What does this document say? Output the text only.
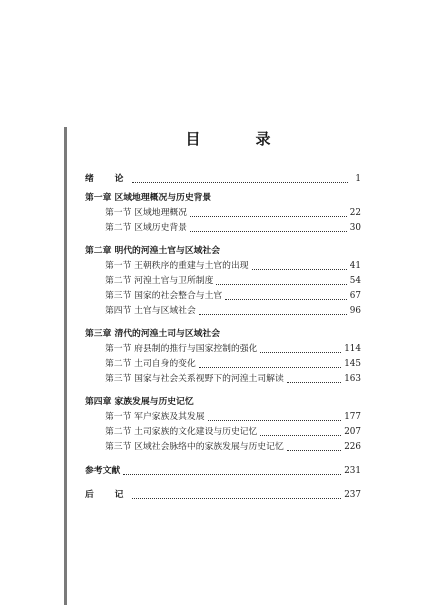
目　录
绪　论	1
第一章 区域地理概况与历史背景
第一节 区域地理概况	22
第二节 区域历史背景	30
第二章 明代的河湟土官与区域社会
第一节 王朝秩序的重建与土官的出现	41
第二节 河湟土官与卫所制度	54
第三节 国家的社会整合与土官	67
第四节 土官与区域社会	96
第三章 清代的河湟土司与区域社会
第一节 府县制的推行与国家控制的强化	114
第二节 土司自身的变化	145
第三节 国家与社会关系视野下的河湟土司解读	163
第四章 家族发展与历史记忆
第一节 军户家族及其发展	177
第二节 土司家族的文化建设与历史记忆	207
第三节 区域社会脉络中的家族发展与历史记忆	226
参考文献	231
后　记	237
